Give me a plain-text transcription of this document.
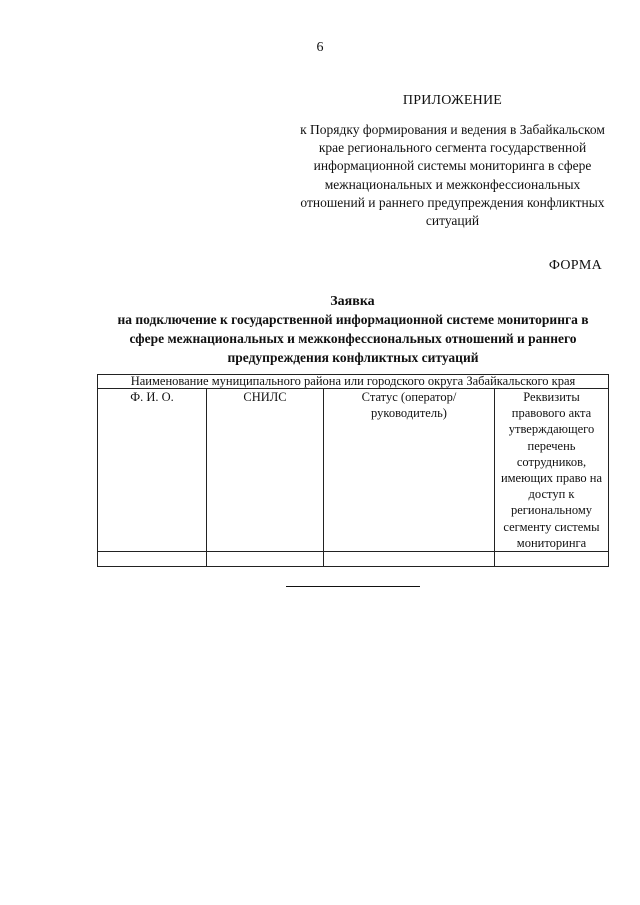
6
ПРИЛОЖЕНИЕ
к Порядку формирования и ведения в Забайкальском крае регионального сегмента государственной информационной системы мониторинга в сфере межнациональных и межконфессиональных отношений и раннего предупреждения конфликтных ситуаций
ФОРМА
Заявка
на подключение к государственной информационной системе мониторинга в сфере межнациональных и межконфессиональных отношений и раннего предупреждения конфликтных ситуаций
Наименование муниципального района или городского округа Забайкальского края			
Ф. И. О.	СНИЛС	Статус (оператор/руководитель)	Реквизиты правового акта утверждающего перечень сотрудников, имеющих право на доступ к региональному сегменту системы мониторинга
